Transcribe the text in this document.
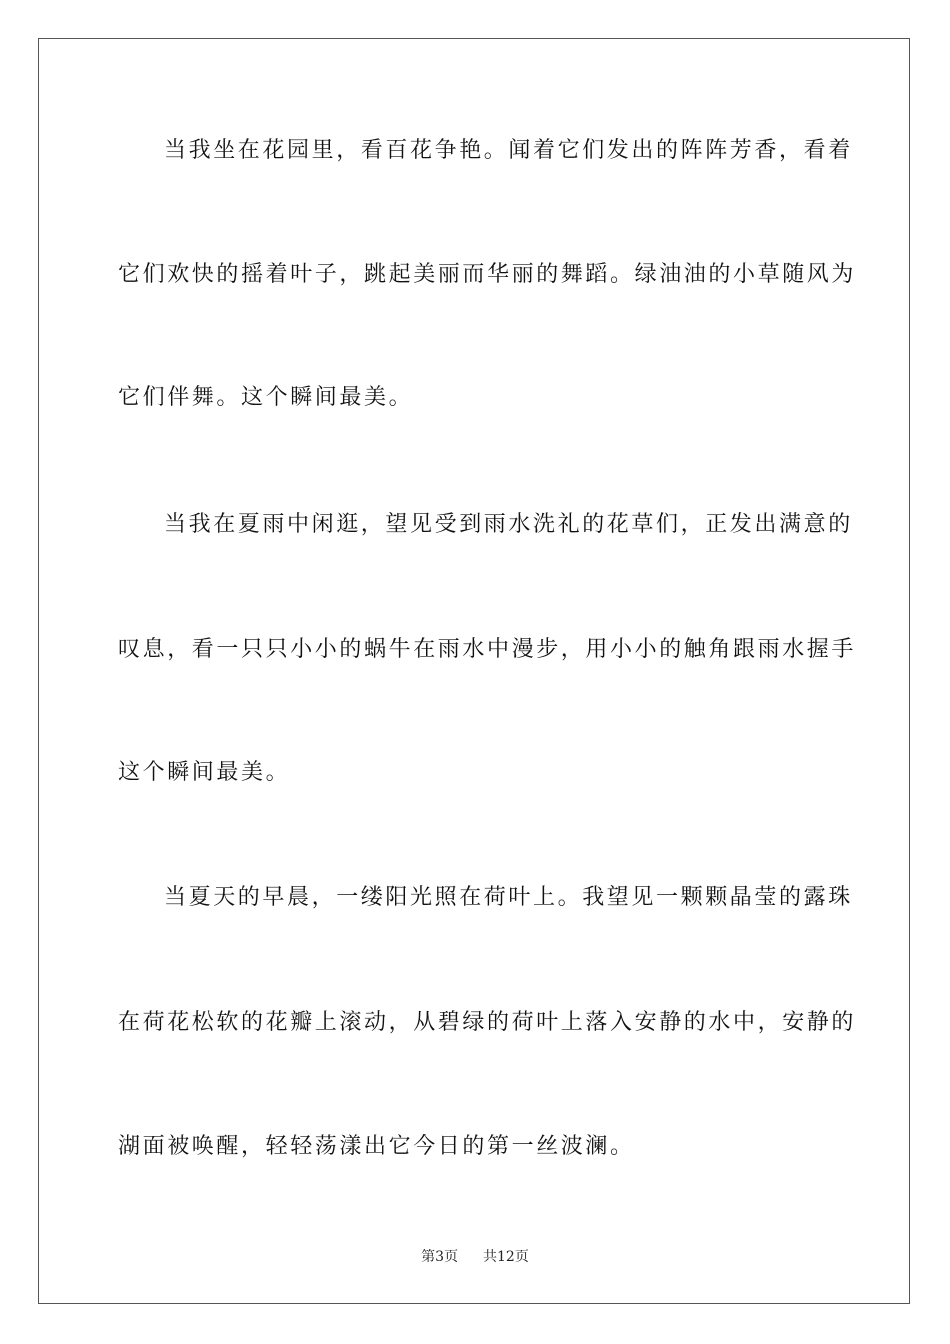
当我坐在花园里，看百花争艳。闻着它们发出的阵阵芳香，看着
它们欢快的摇着叶子，跳起美丽而华丽的舞蹈。绿油油的小草随风为
它们伴舞。这个瞬间最美。
当我在夏雨中闲逛，望见受到雨水洗礼的花草们，正发出满意的
叹息，看一只只小小的蜗牛在雨水中漫步，用小小的触角跟雨水握手
这个瞬间最美。
当夏天的早晨，一缕阳光照在荷叶上。我望见一颗颗晶莹的露珠
在荷花松软的花瓣上滚动，从碧绿的荷叶上落入安静的水中，安静的
湖面被唤醒，轻轻荡漾出它今日的第一丝波澜。
第3页 共12页
